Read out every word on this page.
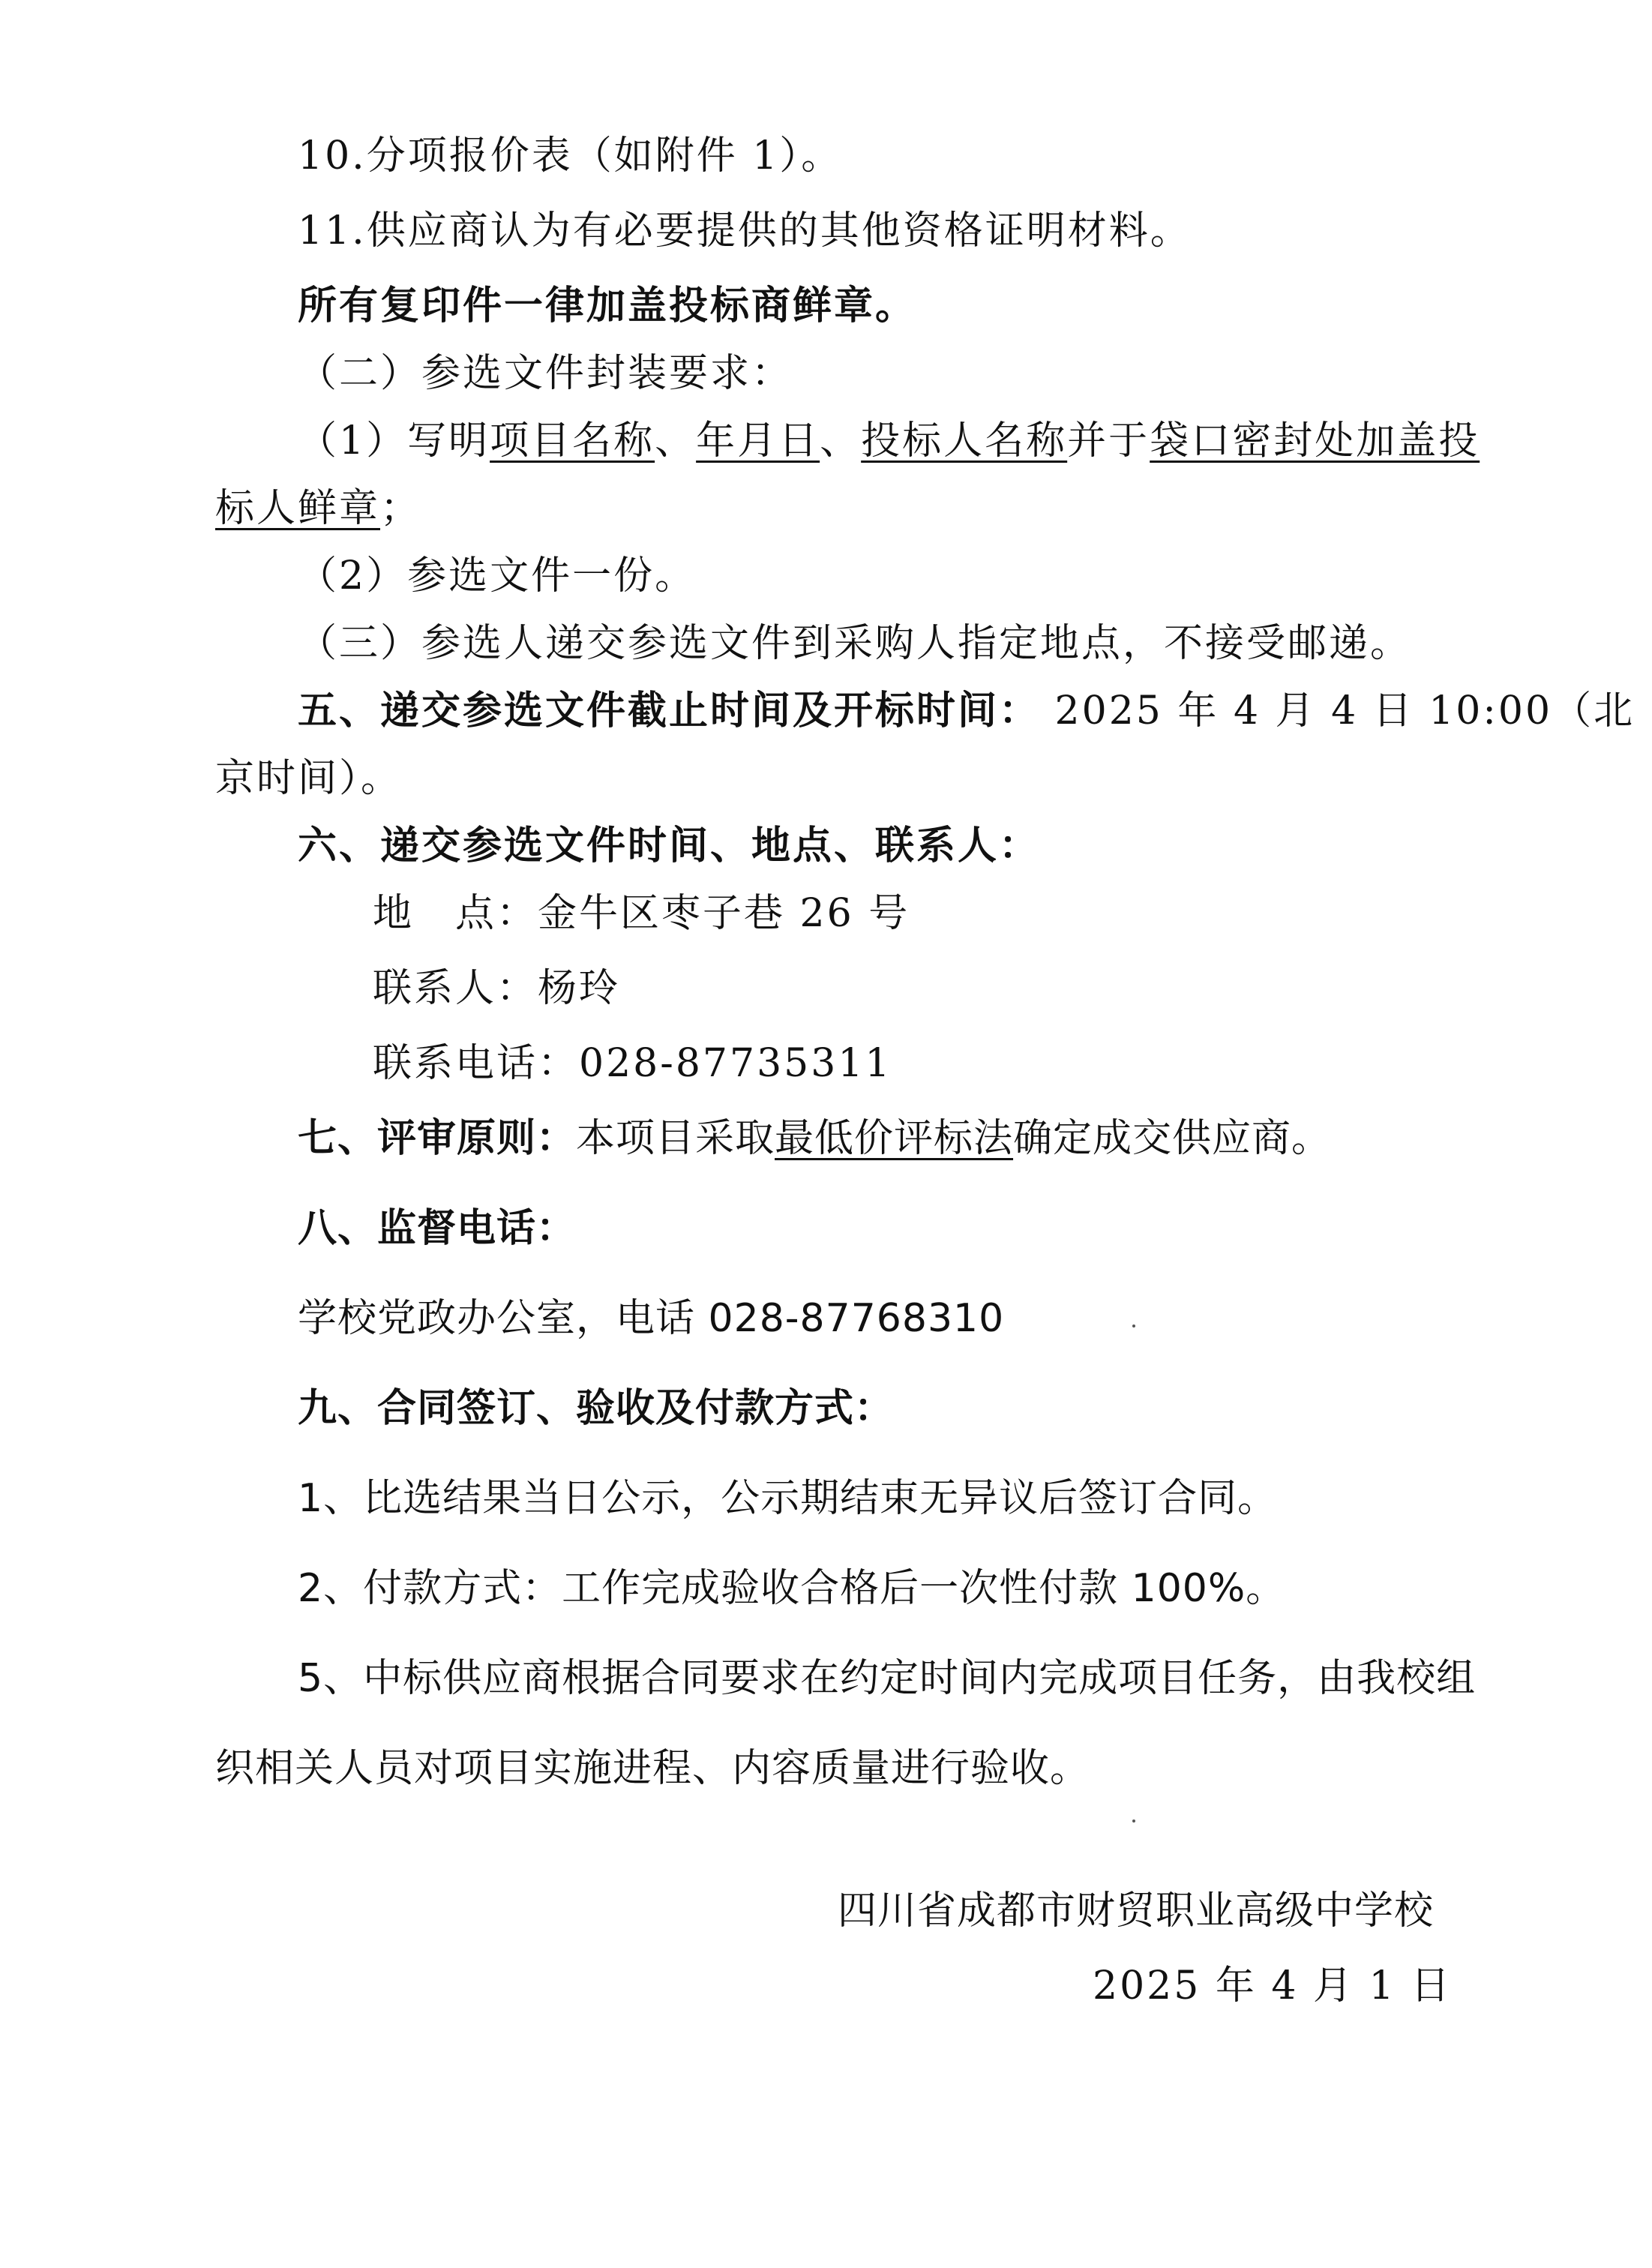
10.分项报价表（如附件 1）。
11.供应商认为有必要提供的其他资格证明材料。
所有复印件一律加盖投标商鲜章。
（二）参选文件封装要求：
（1）写明项目名称、年月日、投标人名称并于袋口密封处加盖投
标人鲜章；
（2）参选文件一份。
（三）参选人递交参选文件到采购人指定地点，不接受邮递。
五、递交参选文件截止时间及开标时间： 2025 年 4 月 4 日 10:00（北
京时间）。
六、递交参选文件时间、地点、联系人：
地　点：金牛区枣子巷 26 号
联系人：杨玲
联系电话：028-87735311
七、评审原则：本项目采取最低价评标法确定成交供应商。
八、监督电话：
学校党政办公室，电话 028-87768310
九、合同签订、验收及付款方式：
1、比选结果当日公示，公示期结束无异议后签订合同。
2、付款方式：工作完成验收合格后一次性付款 100%。
5、中标供应商根据合同要求在约定时间内完成项目任务，由我校组
织相关人员对项目实施进程、内容质量进行验收。
四川省成都市财贸职业高级中学校
2025 年 4 月 1 日
